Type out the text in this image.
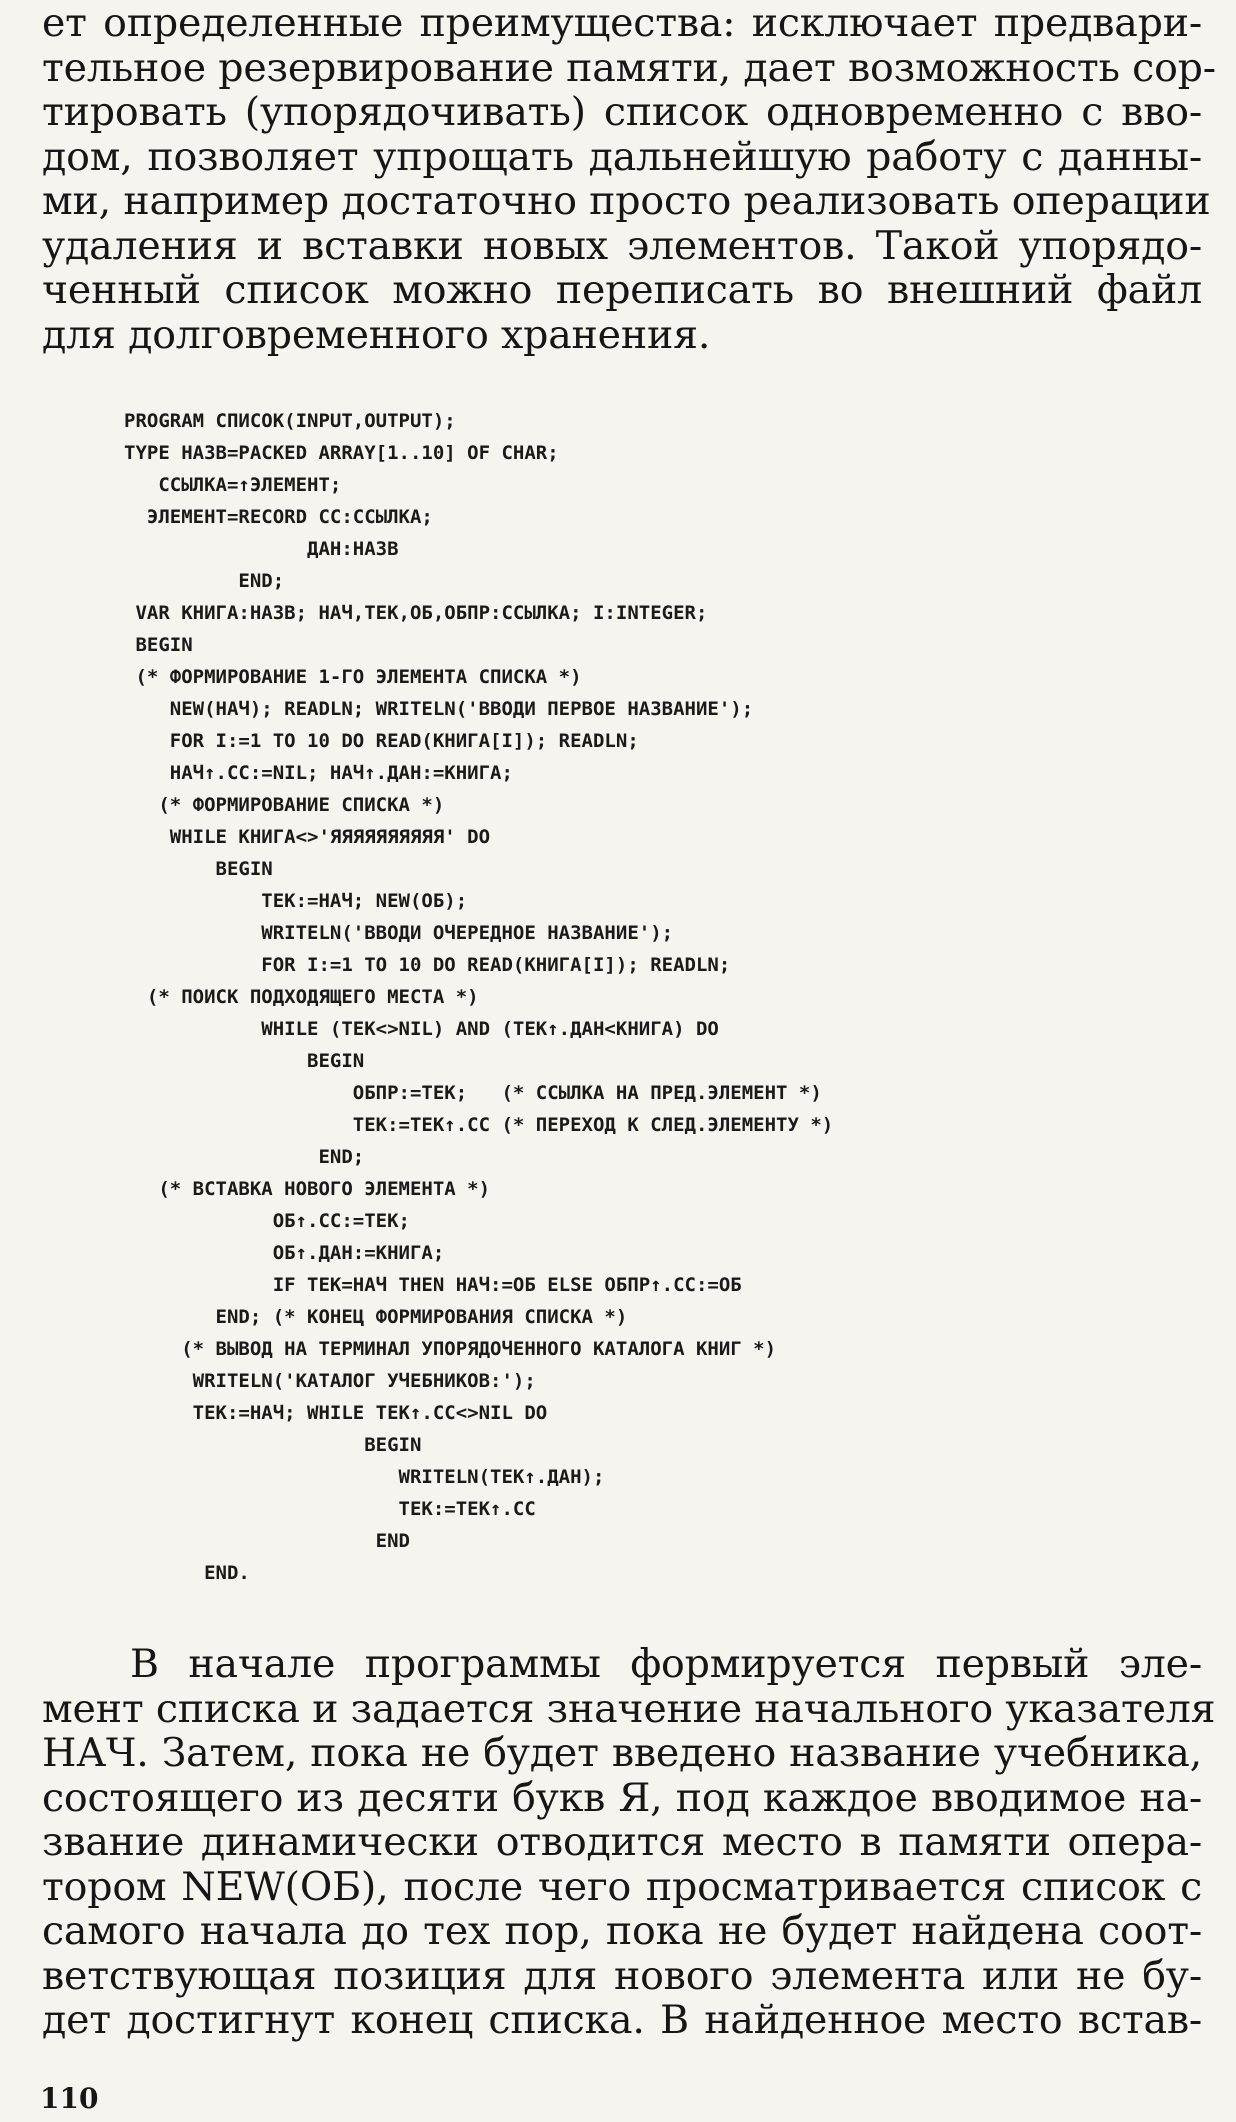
ет определенные преимущества: исключает предвари-
тельное резервирование памяти, дает возможность сор-
тировать (упорядочивать) список одновременно с вво-
дом, позволяет упрощать дальнейшую работу с данны-
ми, например достаточно просто реализовать операции
удаления и вставки новых элементов. Такой упорядо-
ченный список можно переписать во внешний файл
для долговременного хранения.
PROGRAM СПИСОК(INPUT,OUTPUT);
TYPE НАЗВ=PACKED ARRAY[1..10] OF CHAR;
ССЫЛКА=↑ЭЛЕМЕНТ;
ЭЛЕМЕНТ=RECORD СС:ССЫЛКА;
ДАН:НАЗВ
END;
VAR КНИГА:НАЗВ; НАЧ,ТЕК,ОБ,ОБПР:ССЫЛКА; I:INTEGER;
BEGIN
(* ФОРМИРОВАНИЕ 1-ГО ЭЛЕМЕНТА СПИСКА *)
NEW(НАЧ); READLN; WRITELN('ВВОДИ ПЕРВОЕ НАЗВАНИЕ');
FOR I:=1 TO 10 DO READ(КНИГА[I]); READLN;
НАЧ↑.СС:=NIL; НАЧ↑.ДАН:=КНИГА;
(* ФОРМИРОВАНИЕ СПИСКА *)
WHILE КНИГА<>'ЯЯЯЯЯЯЯЯЯЯ' DO
BEGIN
ТЕК:=НАЧ; NEW(ОБ);
WRITELN('ВВОДИ ОЧЕРЕДНОЕ НАЗВАНИЕ');
FOR I:=1 TO 10 DO READ(КНИГА[I]); READLN;
(* ПОИСК ПОДХОДЯЩЕГО МЕСТА *)
WHILE (ТЕК<>NIL) AND (ТЕК↑.ДАН<КНИГА) DO
BEGIN
ОБПР:=ТЕК;   (* ССЫЛКА НА ПРЕД.ЭЛЕМЕНТ *)
ТЕК:=ТЕК↑.СС (* ПЕРЕХОД К СЛЕД.ЭЛЕМЕНТУ *)
END;
(* ВСТАВКА НОВОГО ЭЛЕМЕНТА *)
ОБ↑.СС:=ТЕК;
ОБ↑.ДАН:=КНИГА;
IF ТЕК=НАЧ THEN НАЧ:=ОБ ELSE ОБПР↑.СС:=ОБ
END; (* КОНЕЦ ФОРМИРОВАНИЯ СПИСКА *)
(* ВЫВОД НА ТЕРМИНАЛ УПОРЯДОЧЕННОГО КАТАЛОГА КНИГ *)
WRITELN('КАТАЛОГ УЧЕБНИКОВ:');
ТЕК:=НАЧ; WHILE ТЕК↑.СС<>NIL DO
BEGIN
WRITELN(ТЕК↑.ДАН);
ТЕК:=ТЕК↑.СС
END
END.
В начале программы формируется первый эле-
мент списка и задается значение начального указателя
НАЧ. Затем, пока не будет введено название учебника,
состоящего из десяти букв Я, под каждое вводимое на-
звание динамически отводится место в памяти опера-
тором NEW(ОБ), после чего просматривается список с
самого начала до тех пор, пока не будет найдена соот-
ветствующая позиция для нового элемента или не бу-
дет достигнут конец списка. В найденное место встав-
110
